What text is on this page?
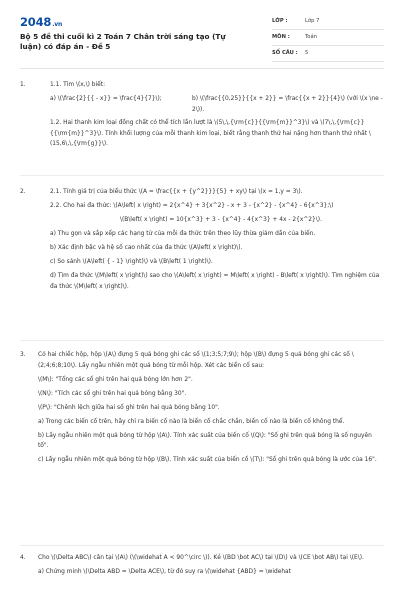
2048.vn
Bộ 5 đề thi cuối kì 2 Toán 7 Chân trời sáng tạo (Tự luận) có đáp án - Đề 5
LỚP :	Lớp 7
MÔN :	Toán
SỐ CÂU : 5
1.	1.1. Tìm \(x,\) biết:

a) \(\frac{2}{{ - x}} = \frac{4}{7}\);	b) \(\frac{{0,25}}{{x + 2}} = \frac{{x + 2}}{4}\) (với \(x \ne - 2\)).

1.2. Hai thanh kim loại đồng chất có thể tích lần lượt là \(5\,\,{\rm{c}}{{\rm{m}}^3}\) và \(7\,\,{\rm{c}}{{\rm{m}}^3}\). Tính khối lượng của mỗi thanh kim loại, biết rằng thanh thứ hai nặng hơn thanh thứ nhất \(15,6\,\,{\rm{g}}\).

2.	2.1. Tính giá trị của biểu thức \(A = \frac{{x + {y^2}}}{5} + xy\) tại \(x = 1,y = 3\).

2.2. Cho hai đa thức: \(A\left( x \right) = 2{x^4} + 3{x^2} - x + 3 - {x^2} - {x^4} - 6{x^3};\)

\(B\left( x \right) = 10{x^3} + 3 - {x^4} - 4{x^3} + 4x - 2{x^2}\).

a) Thu gọn và sắp xếp các hạng tử của mỗi đa thức trên theo lũy thừa giảm dần của biến.

b) Xác định bậc và hệ số cao nhất của đa thức \(A\left( x \right)\).

c) So sánh \(A\left( { - 1} \right)\) và \(B\left( 1 \right)\).

d) Tìm đa thức \(M\left( x \right)\) sao cho \(A\left( x \right) = M\left( x \right) - B\left( x \right)\). Tìm nghiệm của đa thức \(M\left( x \right)\).

3.	Có hai chiếc hộp, hộp \(A\) đựng 5 quả bóng ghi các số \(1;3;5;7;9\); hộp \(B\) đựng 5 quả bóng ghi các số \(2;4;6;8;10\). Lấy ngẫu nhiên một quả bóng từ mỗi hộp. Xét các biến cố sau:

\(M\): "Tổng các số ghi trên hai quả bóng lớn hơn 2".

\(N\): "Tích các số ghi trên hai quả bóng bằng 30".

\(P\): "Chênh lệch giữa hai số ghi trên hai quả bóng bằng 10".

a) Trong các biến cố trên, hãy chỉ ra biến cố nào là biến cố chắc chắn, biến cố nào là biến cố không thể.

b) Lấy ngẫu nhiên một quả bóng từ hộp \(A\). Tính xác suất của biến cố \(Q\): "Số ghi trên quả bóng là số nguyên tố".

c) Lấy ngẫu nhiên một quả bóng từ hộp \(B\). Tính xác suất của biến cố \(T\): "Số ghi trên quả bóng là ước của 16".

4.	Cho \(\Delta ABC\) cân tại \(A\) (\(\widehat A < 90^\circ \)). Kẻ \(BD \bot AC\) tại \(D\) và \(CE \bot AB\) tại \(E\).

a) Chứng minh \(\Delta ABD = \Delta ACE\), từ đó suy ra \(\widehat {ABD} = \widehat
